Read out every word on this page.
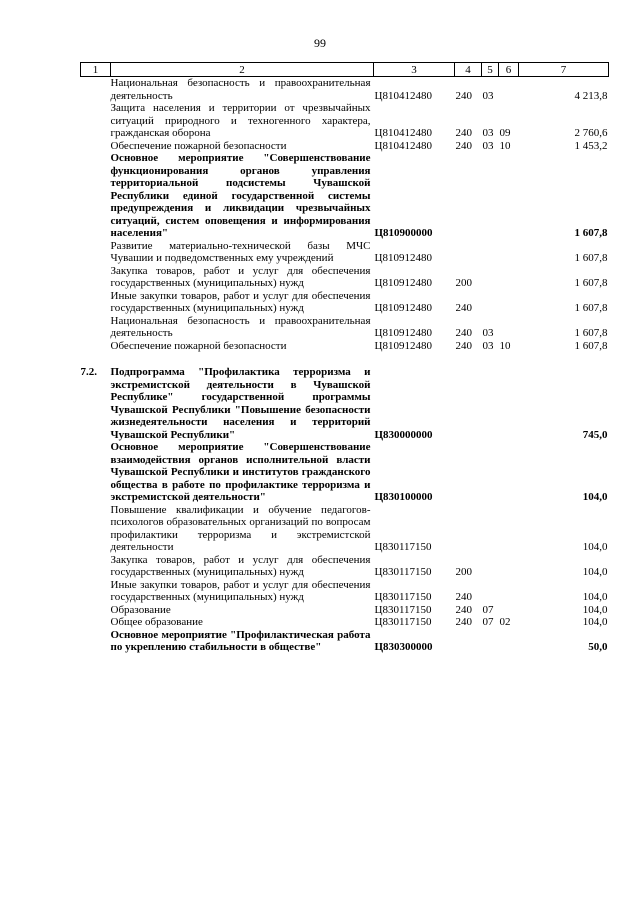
99
1	2	3	4	5	6	7
	Национальная безопасность и правоохранительная деятельность	Ц810412480	240	03		4 213,8
	Защита населения и территории от чрезвычайных ситуаций природного и техногенного характера, гражданская оборона	Ц810412480	240	03	09	2 760,6
	Обеспечение пожарной безопасности	Ц810412480	240	03	10	1 453,2
	Основное мероприятие "Совершенствование функционирования органов управления территориальной подсистемы Чувашской Республики единой государственной системы предупреждения и ликвидации чрезвычайных ситуаций, систем оповещения и информирования населения"	Ц810900000				1 607,8
	Развитие материально-технической базы МЧС Чувашии и подведомственных ему учреждений	Ц810912480				1 607,8
	Закупка товаров, работ и услуг для обеспечения государственных (муниципальных) нужд	Ц810912480	200			1 607,8
	Иные закупки товаров, работ и услуг для обеспечения государственных (муниципальных) нужд	Ц810912480	240			1 607,8
	Национальная безопасность и правоохранительная деятельность	Ц810912480	240	03		1 607,8
	Обеспечение пожарной безопасности	Ц810912480	240	03	10	1 607,8

7.2.	Подпрограмма "Профилактика терроризма и экстремистской деятельности в Чувашской Республике" государственной программы Чувашской Республики "Повышение безопасности жизнедеятельности населения и территорий Чувашской Республики"	Ц830000000				745,0
	Основное мероприятие "Совершенствование взаимодействия органов исполнительной власти Чувашской Республики и институтов гражданского общества в работе по профилактике терроризма и экстремистской деятельности"	Ц830100000				104,0
	Повышение квалификации и обучение педагогов-психологов образовательных организаций по вопросам профилактики терроризма и экстремистской деятельности	Ц830117150				104,0
	Закупка товаров, работ и услуг для обеспечения государственных (муниципальных) нужд	Ц830117150	200			104,0
	Иные закупки товаров, работ и услуг для обеспечения государственных (муниципальных) нужд	Ц830117150	240			104,0
	Образование	Ц830117150	240	07		104,0
	Общее образование	Ц830117150	240	07	02	104,0
	Основное мероприятие "Профилактическая работа по укреплению стабильности в обществе"	Ц830300000				50,0
